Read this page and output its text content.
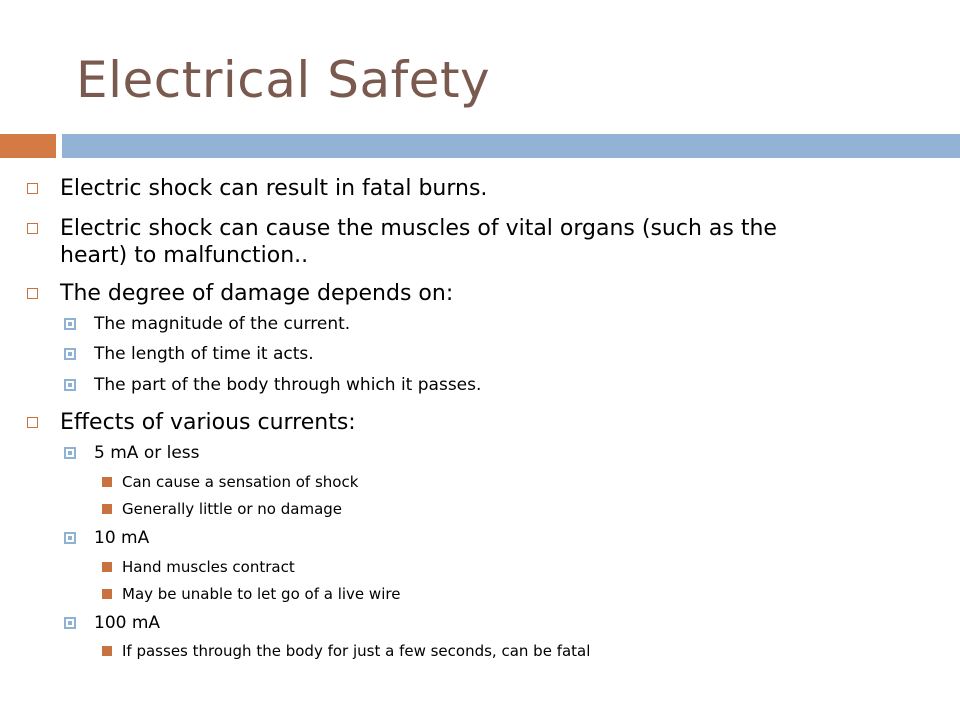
Electrical Safety
Electric shock can result in fatal burns.
Electric shock can cause the muscles of vital organs (such as the
heart) to malfunction..
The degree of damage depends on:
The magnitude of the current.
The length of time it acts.
The part of the body through which it passes.
Effects of various currents:
5 mA or less
Can cause a sensation of shock
Generally little or no damage
10 mA
Hand muscles contract
May be unable to let go of a live wire
100 mA
If passes through the body for just a few seconds, can be fatal
